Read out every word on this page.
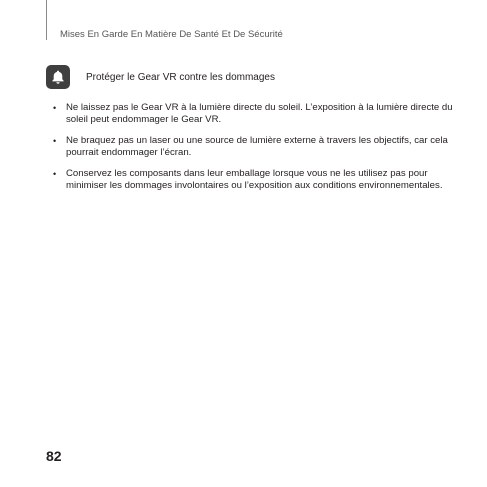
Mises En Garde En Matière De Santé Et De Sécurité
Protéger le Gear VR contre les dommages
• Ne laissez pas le Gear VR à la lumière directe du soleil. L’exposition à la lumière directe du soleil peut endommager le Gear VR.
• Ne braquez pas un laser ou une source de lumière externe à travers les objectifs, car cela pourrait endommager l’écran.
• Conservez les composants dans leur emballage lorsque vous ne les utilisez pas pour minimiser les dommages involontaires ou l’exposition aux conditions environnementales.
82
